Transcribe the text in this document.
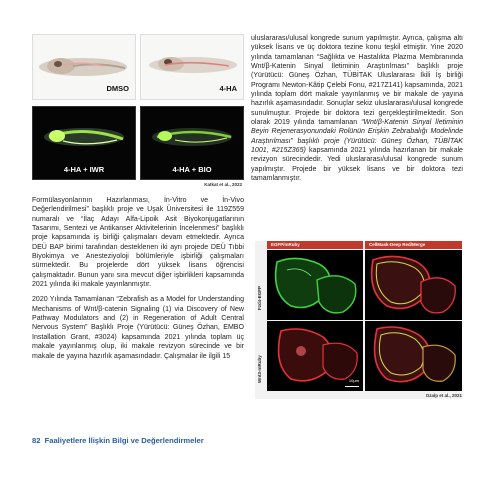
DMSO	4-HA
4-HA + IWR	4-HA + BIO
Katkat et al., 2022

Formülasyonlarının Hazırlanması, İn-Vitro ve İn-Vivo Değerlendirilmesi” başlıklı proje ve Uşak Üniversitesi ile 119Z559 numaralı ve “İlaç Adayı Alfa-Lipoik Asit Biyokonjugatlarının Tasarımı, Sentezi ve Antikanser Aktivitelerinin İncelenmesi” başlıklı proje kapsamında iş birliği çalışmaları devam etmektedir. Ayrıca DEÜ BAP birimi tarafından desteklenen iki ayrı projede DEÜ Tıbbi Biyokimya ve Anesteziyoloji bölümleriyle işbirliği çalışmaları sürmektedir. Bu projelerde dört yüksek lisans öğrencisi çalışmaktadır. Bunun yanı sıra mevcut diğer işbirlikleri kapsamında 2021 yılında iki makale yayınlanmıştır.

2020 Yılında Tamamlanan “Zebrafish as a Model for Understanding Mechanisms of Wnt/β-catenin Signaling (1) via Discovery of New Pathway Modulators and (2) in Regeneration of Adult Central Nervous System” Başlıklı Proje (Yürütücü: Güneş Özhan, EMBO Installation Grant, #3024) kapsamında 2021 yılında toplam üç makale yayınlanmış olup, iki makale revizyon sürecinde ve bir makale de yayına hazırlık aşamasındadır. Çalışmalar ile ilgili 15

uluslararası/ulusal kongrede sunum yapılmıştır. Ayrıca, çalışma altı yüksek lisans ve üç doktora tezine konu teşkil etmiştir. Yine 2020 yılında tamamlanan “Sağlıkta ve Hastalıkta Plazma Membranında Wnt/β-Katenin Sinyal İletiminin Araştırılması” başlıklı proje (Yürütücü: Güneş Özhan, TÜBİTAK Uluslararası İkili İş birliği Programı Newton-Kâtip Çelebi Fonu, #217Z141) kapsamında, 2021 yılında toplam dört makale yayınlanmış ve bir makale de yayına hazırlık aşamasındadır. Sonuçlar sekiz uluslararası/ulusal kongrede sunulmuştur. Projede bir doktora tezi gerçekleştirilmektedir. Son olarak 2019 yılında tamamlanan “Wnt/β-Katenin Sinyal İletiminin Beyin Rejenerasyonundaki Rolünün Erişkin Zebrabalığı Modelinde Araştırılması” başlıklı proje (Yürütücü: Güneş Özhan, TÜBİTAK 1001, #215Z365) kapsamında 2021 yılında hazırlanan bir makale revizyon sürecindedir. Yedi uluslararası/ulusal kongrede sunum yapılmıştır. Projede bir yüksek lisans ve bir doktora tezi tamamlanmıştır.

EGFP/mRuby	CellMask-Deep Red/Merge
Fzd4-EGFP
Wnt3-mRuby	10μm
Ozalp et al., 2021
82 Faaliyetlere İlişkin Bilgi ve Değerlendirmeler
